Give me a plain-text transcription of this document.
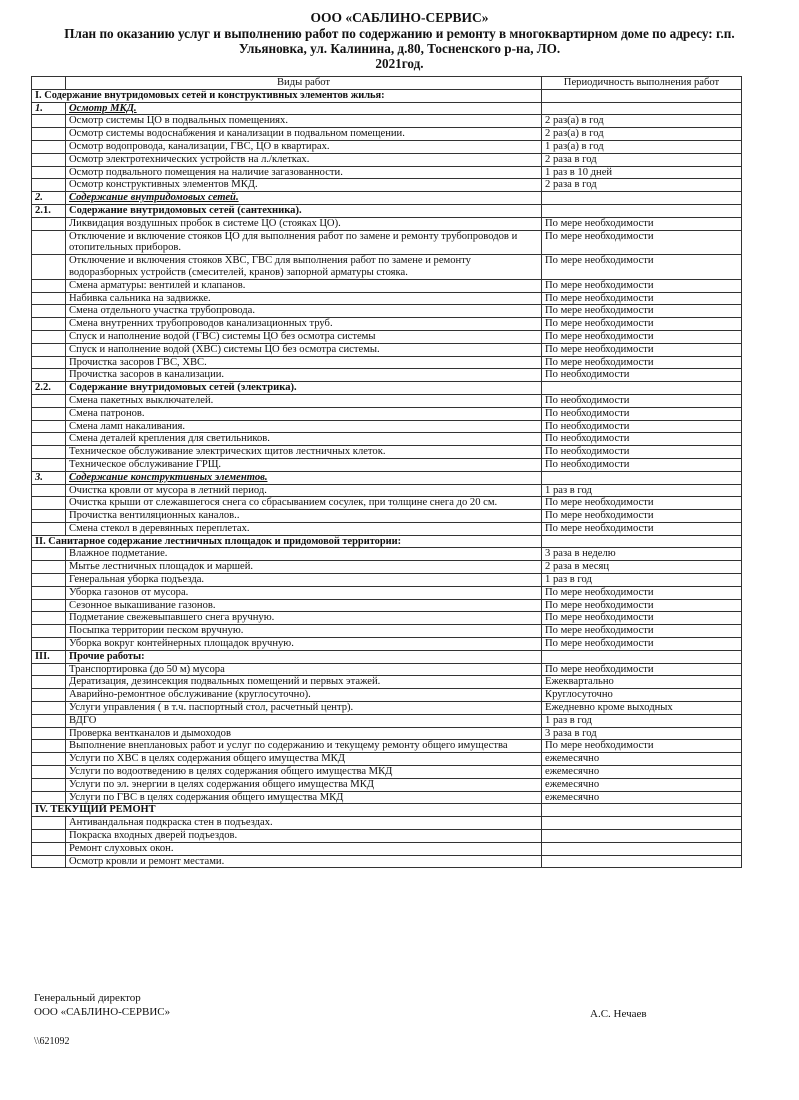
ООО «САБЛИНО-СЕРВИС»
План по оказанию услуг и выполнению работ по содержанию и ремонту в многоквартирном доме по адресу: г.п.
Ульяновка, ул. Калинина, д.80, Тосненского р-на, ЛО.
2021год.
	Виды работ	Периодичность выполнения работ
I. Содержание внутридомовых сетей и конструктивных элементов жилья:		
1.	Осмотр МКД.	
	Осмотр системы ЦО в подвальных помещениях.	2 раз(а) в год
	Осмотр системы водоснабжения и канализации в подвальном помещении.	2 раз(а) в год
	Осмотр водопровода, канализации, ГВС, ЦО в квартирах.	1 раз(а) в год
	Осмотр электротехнических устройств на л./клетках.	2 раза в год
	Осмотр подвального помещения на наличие загазованности.	1 раз в 10 дней
	Осмотр конструктивных элементов МКД.	2 раза в год
2.	Содержание внутридомовых сетей.	
2.1.	Содержание внутридомовых сетей (сантехника).	
	Ликвидация воздушных пробок в системе ЦО (стояках ЦО).	По мере необходимости
	Отключение и включение стояков ЦО для выполнения работ по замене и ремонту трубопроводов и отопительных приборов.	По мере необходимости
	Отключение и включения стояков ХВС, ГВС для выполнения работ по замене и ремонту водоразборных устройств (смесителей, кранов) запорной арматуры стояка.	По мере необходимости
	Смена арматуры: вентилей и клапанов.	По мере необходимости
	Набивка сальника на задвижке.	По мере необходимости
	Смена отдельного участка трубопровода.	По мере необходимости
	Смена внутренних трубопроводов канализационных труб.	По мере необходимости
	Спуск и наполнение водой (ГВС) системы ЦО без осмотра системы	По мере необходимости
	Спуск и наполнение водой (ХВС) системы ЦО без осмотра системы.	По мере необходимости
	Прочистка засоров ГВС, ХВС.	По мере необходимости
	Прочистка засоров в канализации.	По необходимости
2.2.	Содержание внутридомовых сетей (электрика).	
	Смена пакетных выключателей.	По необходимости
	Смена патронов.	По необходимости
	Смена ламп накаливания.	По необходимости
	Смена деталей крепления для светильников.	По необходимости
	Техническое обслуживание электрических щитов лестничных клеток.	По необходимости
	Техническое обслуживание ГРЩ.	По необходимости
3.	Содержание конструктивных элементов.	
	Очистка кровли от мусора в летний период.	1 раз в год
	Очистка крыши от слежавшегося снега со сбрасыванием сосулек, при толщине снега до 20 см.	По мере необходимости
	Прочистка вентиляционных каналов..	По мере необходимости
	Смена стекол в деревянных переплетах.	По мере необходимости
II. Санитарное содержание лестничных площадок и придомовой территории:		
	Влажное подметание.	3 раза в неделю
	Мытье лестничных площадок и маршей.	2 раза в месяц
	Генеральная уборка подъезда.	1 раз в год
	Уборка газонов от мусора.	По мере необходимости
	Сезонное выкашивание газонов.	По мере необходимости
	Подметание свежевыпавшего снега вручную.	По мере необходимости
	Посыпка территории песком вручную.	По мере необходимости
	Уборка вокруг контейнерных площадок вручную.	По мере необходимости
III.	Прочие работы:	
	Транспортировка (до 50 м) мусора	По мере необходимости
	Дератизация, дезинсекция подвальных помещений и первых этажей.	Ежеквартально
	Аварийно-ремонтное обслуживание (круглосуточно).	Круглосуточно
	Услуги управления ( в т.ч. паспортный стол, расчетный центр).	Ежедневно кроме выходных
	ВДГО	1 раз в год
	Проверка вентканалов и дымоходов	3 раза в год
	Выполнение внеплановых работ и услуг по содержанию и текущему ремонту общего имущества	По мере необходимости
	Услуги по ХВС в целях содержания общего имущества МКД	ежемесячно
	Услуги по водоотведению в целях содержания общего имущества МКД	ежемесячно
	Услуги по эл. энергии в целях содержания общего имущества МКД	ежемесячно
	Услуги по ГВС в целях содержания общего имущества МКД	ежемесячно
IV. ТЕКУЩИЙ РЕМОНТ		
	Антивандальная подкраска стен в подъездах.	
	Покраска входных дверей подъездов.	
	Ремонт слуховых окон.	
	Осмотр кровли и ремонт местами.	
Генеральный директор
ООО «САБЛИНО-СЕРВИС»	А.С. Нечаев
\\621092
